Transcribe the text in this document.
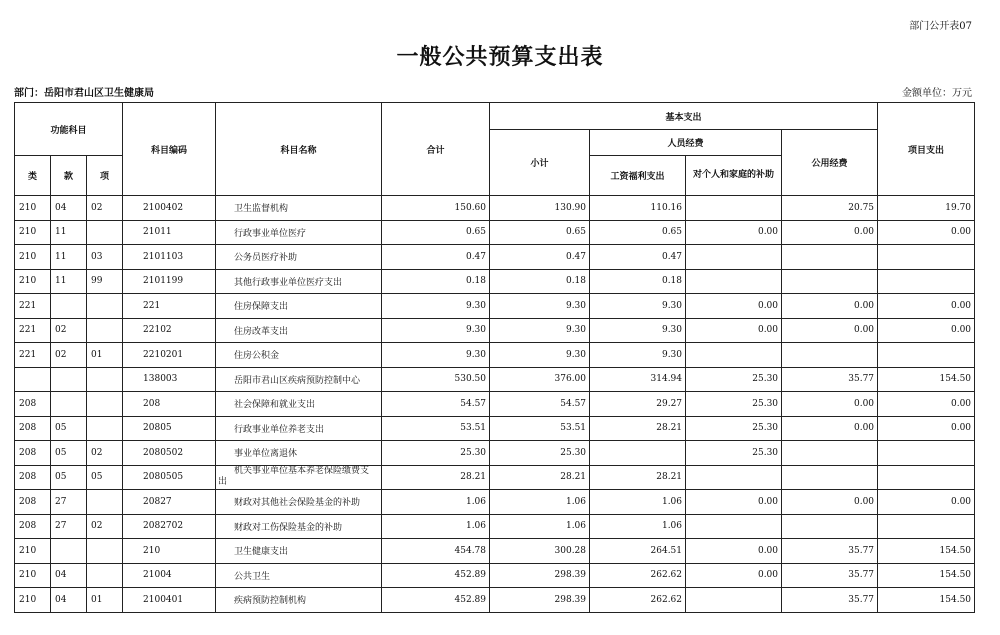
部门公开表07
一般公共预算支出表
部门：岳阳市君山区卫生健康局	金额单位：万元
功能科目			科目编码	科目名称	合计	基本支出				项目支出
						小计	人员经费		公用经费	
类	款	项					工资福利支出	对个人和家庭的补助		
210	04	02	2100402	卫生监督机构	150.60	130.90	110.16		20.75	19.70
210	11		21011	行政事业单位医疗	0.65	0.65	0.65	0.00	0.00	0.00
210	11	03	2101103	公务员医疗补助	0.47	0.47	0.47			
210	11	99	2101199	其他行政事业单位医疗支出	0.18	0.18	0.18			
221			221	住房保障支出	9.30	9.30	9.30	0.00	0.00	0.00
221	02		22102	住房改革支出	9.30	9.30	9.30	0.00	0.00	0.00
221	02	01	2210201	住房公积金	9.30	9.30	9.30			
			138003	岳阳市君山区疾病预防控制中心	530.50	376.00	314.94	25.30	35.77	154.50
208			208	社会保障和就业支出	54.57	54.57	29.27	25.30	0.00	0.00
208	05		20805	行政事业单位养老支出	53.51	53.51	28.21	25.30	0.00	0.00
208	05	02	2080502	事业单位离退休	25.30	25.30		25.30		
208	05	05	2080505	机关事业单位基本养老保险缴费支出	28.21	28.21	28.21			
208	27		20827	财政对其他社会保险基金的补助	1.06	1.06	1.06	0.00	0.00	0.00
208	27	02	2082702	财政对工伤保险基金的补助	1.06	1.06	1.06			
210			210	卫生健康支出	454.78	300.28	264.51	0.00	35.77	154.50
210	04		21004	公共卫生	452.89	298.39	262.62	0.00	35.77	154.50
210	04	01	2100401	疾病预防控制机构	452.89	298.39	262.62		35.77	154.50
